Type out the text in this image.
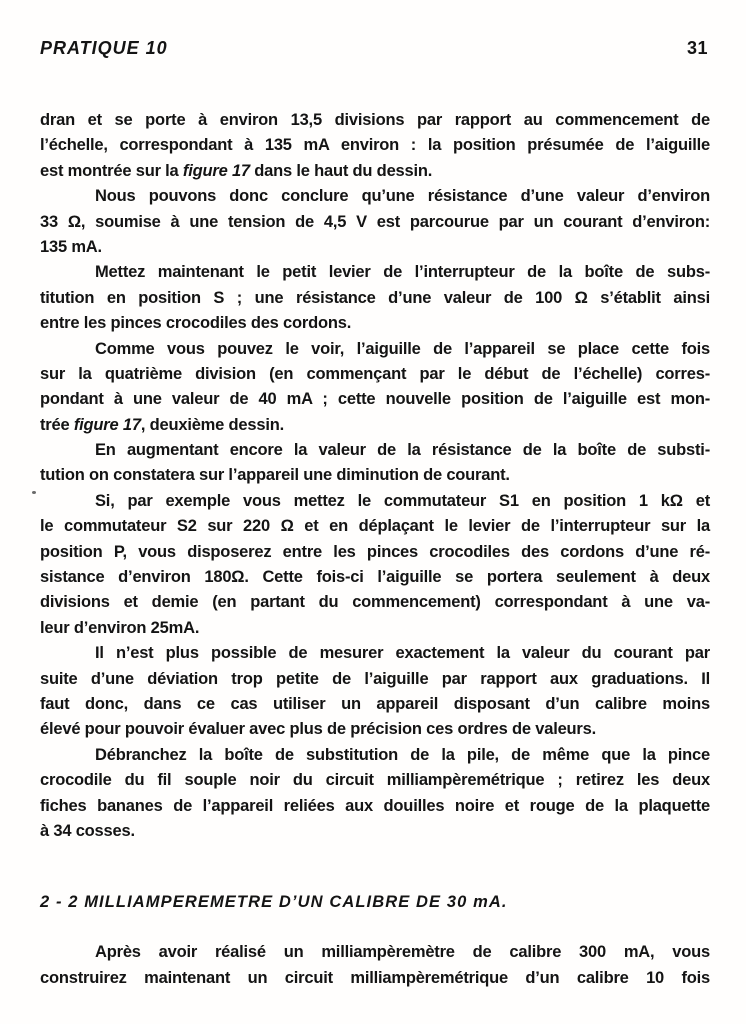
PRATIQUE 10	31
dran et se porte à environ 13,5 divisions par rapport au commencement de
l’échelle, correspondant à 135 mA environ : la position présumée de l’aiguille
est montrée sur la figure 17 dans le haut du dessin.
Nous pouvons donc conclure qu’une résistance d’une valeur d’environ
33 Ω, soumise à une tension de 4,5 V est parcourue par un courant d’environ:
135 mA.
Mettez maintenant le petit levier de l’interrupteur de la boîte de subs-
titution en position S ; une résistance d’une valeur de 100 Ω s’établit ainsi
entre les pinces crocodiles des cordons.
Comme vous pouvez le voir, l’aiguille de l’appareil se place cette fois
sur la quatrième division (en commençant par le début de l’échelle) corres-
pondant à une valeur de 40 mA ; cette nouvelle position de l’aiguille est mon-
trée figure 17, deuxième dessin.
En augmentant encore la valeur de la résistance de la boîte de substi-
tution on constatera sur l’appareil une diminution de courant.
Si, par exemple vous mettez le commutateur S1 en position 1 kΩ et
le commutateur S2 sur 220 Ω et en déplaçant le levier de l’interrupteur sur la
position P, vous disposerez entre les pinces crocodiles des cordons d’une ré-
sistance d’environ 180Ω. Cette fois-ci l’aiguille se portera seulement à deux
divisions et demie (en partant du commencement) correspondant à une va-
leur d’environ 25mA.
Il n’est plus possible de mesurer exactement la valeur du courant par
suite d’une déviation trop petite de l’aiguille par rapport aux graduations. Il
faut donc, dans ce cas utiliser un appareil disposant d’un calibre moins
élevé pour pouvoir évaluer avec plus de précision ces ordres de valeurs.
Débranchez la boîte de substitution de la pile, de même que la pince
crocodile du fil souple noir du circuit milliampèremétrique ; retirez les deux
fiches bananes de l’appareil reliées aux douilles noire et rouge de la plaquette
à 34 cosses.
2 - 2 MILLIAMPEREMETRE D’UN CALIBRE DE 30 mA.
Après avoir réalisé un milliampèremètre de calibre 300 mA, vous
construirez maintenant un circuit milliampèremétrique d’un calibre 10 fois
